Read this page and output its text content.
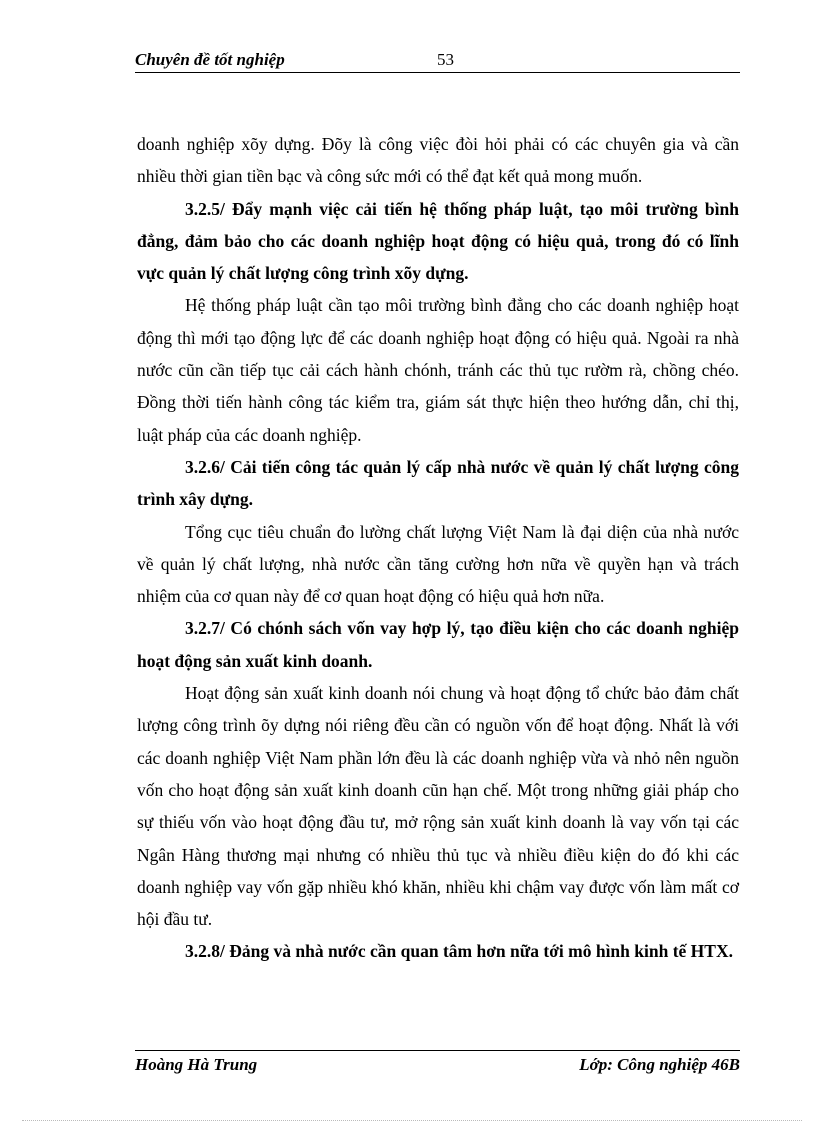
Chuyên đề tốt nghiệp	53

doanh nghiệp xõy dựng. Đõy là công việc đòi hỏi phải có các chuyên gia và cần nhiều thời gian tiền bạc và công sức mới có thể đạt kết quả mong muốn.

3.2.5/ Đẩy mạnh việc cải tiến hệ thống pháp luật, tạo môi trường bình đẳng, đảm bảo cho các doanh nghiệp hoạt động có hiệu quả, trong đó có lĩnh vực quản lý chất lượng công trình xõy dựng.

Hệ thống pháp luật cần tạo môi trường bình đẳng cho các doanh nghiệp hoạt động thì mới tạo động lực để các doanh nghiệp hoạt động có hiệu quả. Ngoài ra nhà nước cũn cần tiếp tục cải cách hành chónh, tránh các thủ tục rườm rà, chồng chéo. Đồng thời tiến hành công tác kiểm tra, giám sát thực hiện theo hướng dẫn, chỉ thị, luật pháp của các doanh nghiệp.

3.2.6/ Cải tiến công tác quản lý cấp nhà nước về quản lý chất lượng công trình xây dựng.

Tổng cục tiêu chuẩn đo lường chất lượng Việt Nam là đại diện của nhà nước về quản lý chất lượng, nhà nước cần tăng cường hơn nữa về quyền hạn và trách nhiệm của cơ quan này để cơ quan hoạt động có hiệu quả hơn nữa.

3.2.7/ Có chónh sách vốn vay hợp lý, tạo điều kiện cho các doanh nghiệp hoạt động sản xuất kinh doanh.

Hoạt động sản xuất kinh doanh nói chung và hoạt động tổ chức bảo đảm chất lượng công trình õy dựng nói riêng đều cần có nguồn vốn để hoạt động. Nhất là với các doanh nghiệp Việt Nam phần lớn đều là các doanh nghiệp vừa và nhỏ nên nguồn vốn cho hoạt động sản xuất kinh doanh cũn hạn chế. Một trong những giải pháp cho sự thiếu vốn vào hoạt động đầu tư, mở rộng sản xuất kinh doanh là vay vốn tại các Ngân Hàng thương mại nhưng có nhiều thủ tục và nhiều điều kiện do đó khi các doanh nghiệp vay vốn gặp nhiều khó khăn, nhiều khi chậm vay được vốn làm mất cơ hội đầu tư.

3.2.8/ Đảng và nhà nước cần quan tâm hơn nữa tới mô hình kinh tế HTX.

Hoàng Hà Trung	Lớp: Công nghiệp 46B
